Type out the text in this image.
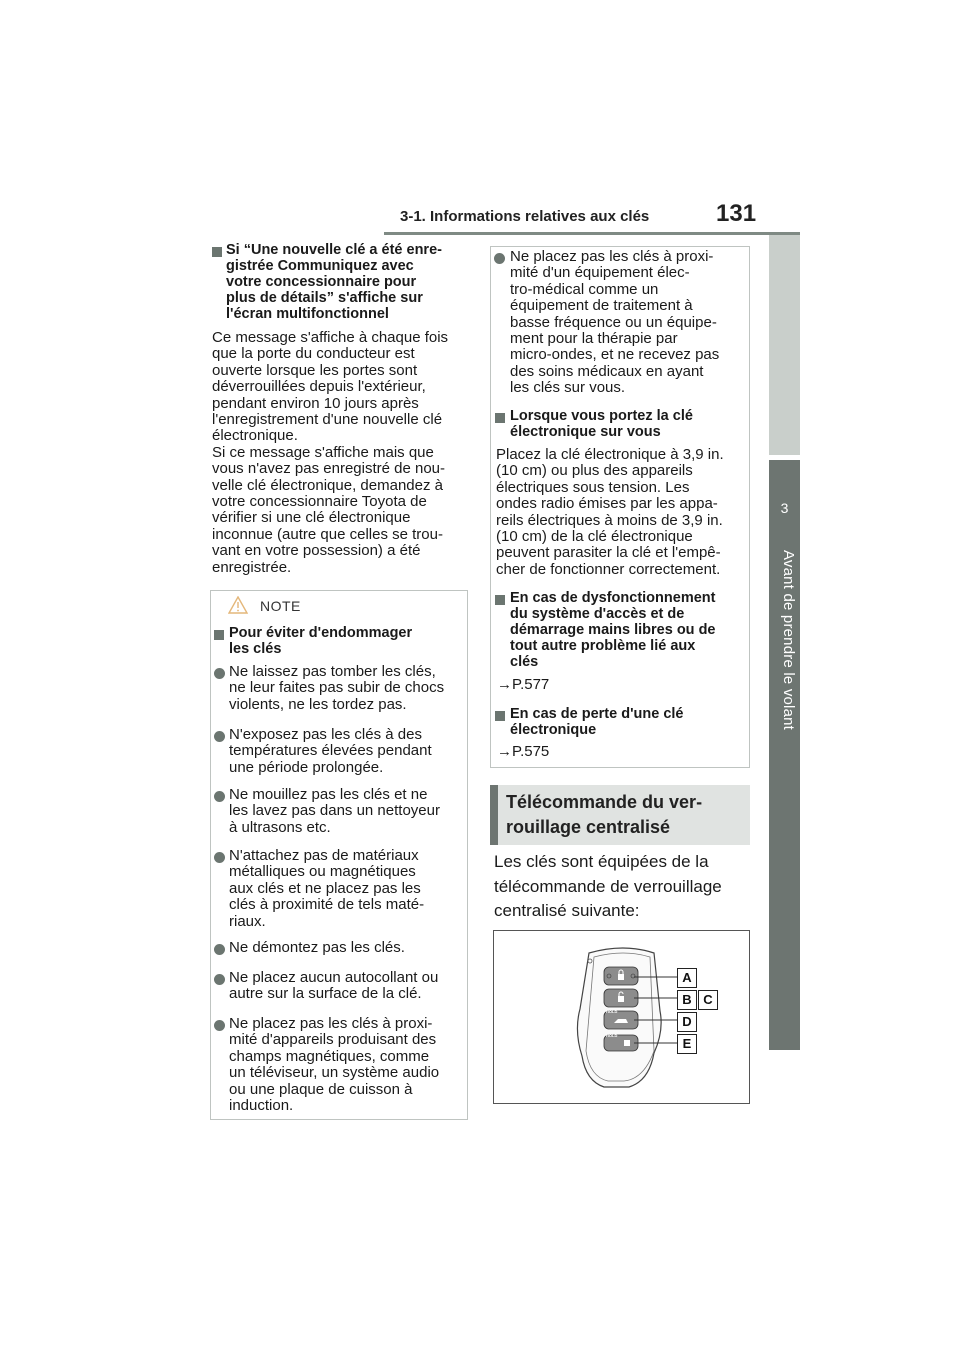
3-1. Informations relatives aux clés	131
3
Avant de prendre le volant
Si “Une nouvelle clé a été enre-
gistrée Communiquez avec
votre concessionnaire pour
plus de détails” s'affiche sur
l'écran multifonctionnel
Ce message s'affiche à chaque fois
que la porte du conducteur est
ouverte lorsque les portes sont
déverrouillées depuis l'extérieur,
pendant environ 10 jours après
l'enregistrement d'une nouvelle clé
électronique.
Si ce message s'affiche mais que
vous n'avez pas enregistré de nou-
velle clé électronique, demandez à
votre concessionnaire Toyota de
vérifier si une clé électronique
inconnue (autre que celles se trou-
vant en votre possession) a été
enregistrée.
NOTE
Pour éviter d'endommager
les clés
Ne laissez pas tomber les clés,
ne leur faites pas subir de chocs
violents, ne les tordez pas.
N'exposez pas les clés à des
températures élevées pendant
une période prolongée.
Ne mouillez pas les clés et ne
les lavez pas dans un nettoyeur
à ultrasons etc.
N'attachez pas de matériaux
métalliques ou magnétiques
aux clés et ne placez pas les
clés à proximité de tels maté-
riaux.
Ne démontez pas les clés.
Ne placez aucun autocollant ou
autre sur la surface de la clé.
Ne placez pas les clés à proxi-
mité d'appareils produisant des
champs magnétiques, comme
un téléviseur, un système audio
ou une plaque de cuisson à
induction.
Ne placez pas les clés à proxi-
mité d'un équipement élec-
tro-médical comme un
équipement de traitement à
basse fréquence ou un équipe-
ment pour la thérapie par
micro-ondes, et ne recevez pas
des soins médicaux en ayant
les clés sur vous.
Lorsque vous portez la clé
électronique sur vous
Placez la clé électronique à 3,9 in.
(10 cm) ou plus des appareils
électriques sous tension. Les
ondes radio émises par les appa-
reils électriques à moins de 3,9 in.
(10 cm) de la clé électronique
peuvent parasiter la clé et l'empê-
cher de fonctionner correctement.
En cas de dysfonctionnement
du système d'accès et de
démarrage mains libres ou de
tout autre problème lié aux
clés
→P.577
En cas de perte d'une clé
électronique
→P.575
Télécommande du ver-
rouillage centralisé
Les clés sont équipées de la
télécommande de verrouillage
centralisé suivante:
HOLD
HOLD
A
B C
D
E
